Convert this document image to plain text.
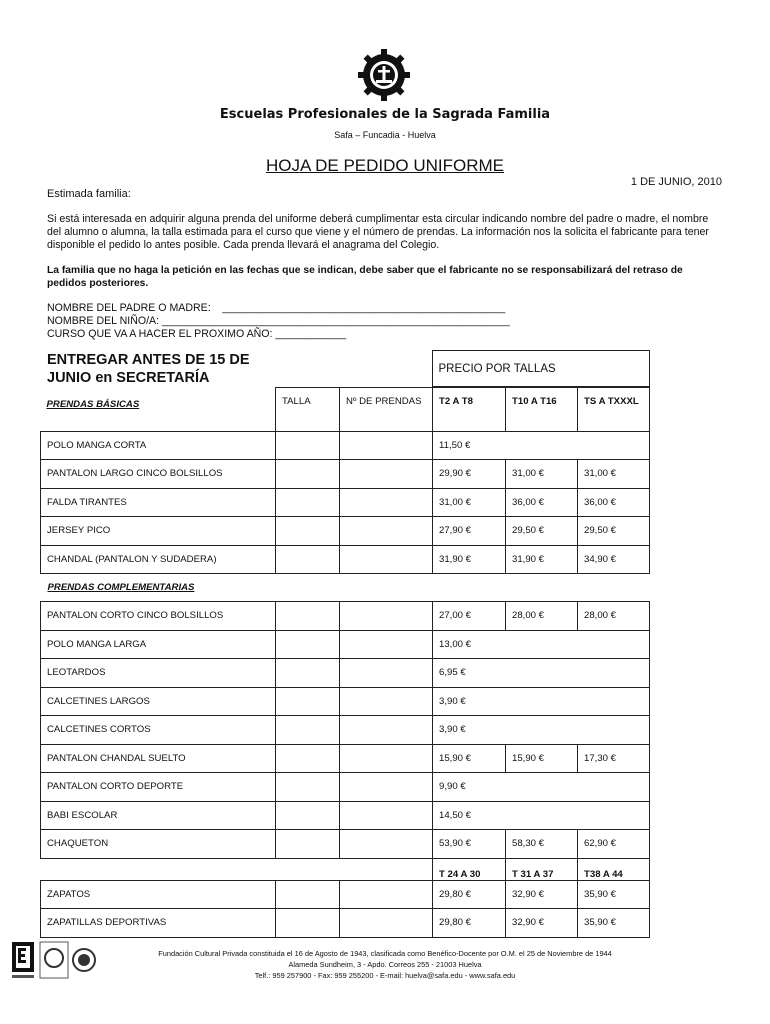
Escuelas Profesionales de la Sagrada Familia
Safa – Funcadia - Huelva
HOJA DE PEDIDO UNIFORME
1 DE JUNIO, 2010
Estimada familia:
Si está interesada en adquirir alguna prenda del uniforme deberá cumplimentar esta circular indicando nombre del padre o madre, el nombre del alumno o alumna, la talla estimada para el curso que viene y el número de prendas. La información nos la solicita el fabricante para tener disponible el pedido lo antes posible. Cada prenda llevará el anagrama del Colegio.
La familia que no haga la petición en las fechas que se indican, debe saber que el fabricante no se responsabilizará del retraso de pedidos posteriores.
NOMBRE DEL PADRE O MADRE:    ________________________________________________
NOMBRE DEL NIÑO/A: ___________________________________________________________
CURSO QUE VA A HACER EL PROXIMO AÑO: ____________
ENTREGAR ANTES DE 15 DE JUNIO en SECRETARÍA
	PRECIO POR TALLAS

PRENDAS BÁSICAS	TALLA	Nº DE PRENDAS	T2 A T8	T10 A T16	TS A TXXXL
POLO MANGA CORTA			11,50 €		
PANTALON LARGO CINCO BOLSILLOS			29,90 €	31,00 €	31,00 €
FALDA TIRANTES			31,00 €	36,00 €	36,00 €
JERSEY PICO			27,90 €	29,50 €	29,50 €
CHANDAL (PANTALON Y SUDADERA)			31,90 €	31,90 €	34,90 €
PRENDAS COMPLEMENTARIAS					
PANTALON CORTO CINCO BOLSILLOS			27,00 €	28,00 €	28,00 €
POLO MANGA LARGA			13,00 €		
LEOTARDOS			6,95 €		
CALCETINES LARGOS			3,90 €		
CALCETINES CORTOS			3,90 €		
PANTALON CHANDAL SUELTO			15,90 €	15,90 €	17,30 €
PANTALON CORTO DEPORTE			9,90 €		
BABI ESCOLAR			14,50 €		
CHAQUETON			53,90 €	58,30 €	62,90 €
			T 24 A 30	T 31 A 37	T38 A 44
ZAPATOS			29,80 €	32,90 €	35,90 €
ZAPATILLAS DEPORTIVAS			29,80 €	32,90 €	35,90 €
Fundación Cultural Privada constituida el 16 de Agosto de 1943, clasificada como Benéfico-Docente por O.M. el 25 de Noviembre de 1944
Alameda Sundheim, 3 - Apdo. Correos 255 - 21003 Huelva
Telf.: 959 257900 - Fax: 959 255200 - E-mail: huelva@safa.edu - www.safa.edu
